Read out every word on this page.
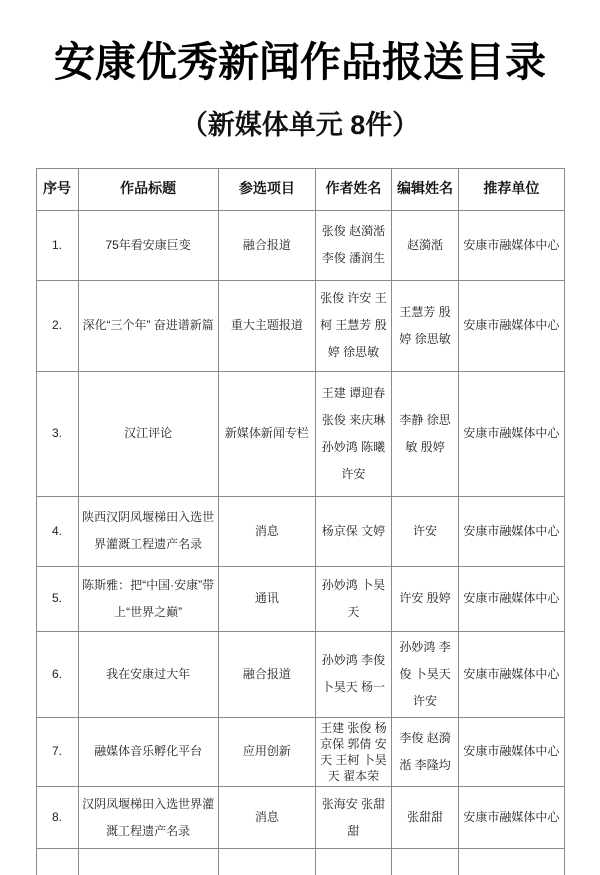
安康优秀新闻作品报送目录
（新媒体单元 8件）
序号	作品标题	参选项目	作者姓名	编辑姓名	推荐单位
1.	75年看安康巨变	融合报道	张俊 赵漪湉 李俊 潘润生	赵漪湉	安康市融媒体中心
2.	深化“三个年” 奋进谱新篇	重大主题报道	张俊 许安 王柯 王慧芳 殷婷 徐思敏	王慧芳 殷婷 徐思敏	安康市融媒体中心
3.	汉江评论	新媒体新闻专栏	王建 谭迎春 张俊 来庆琳 孙妙鸿 陈曦 许安	李静 徐思敏 殷婷	安康市融媒体中心
4.	陕西汉阴凤堰梯田入选世界灌溉工程遗产名录	消息	杨京保 文婷	许安	安康市融媒体中心
5.	陈斯雅：把“中国·安康”带上“世界之巅”	通讯	孙妙鸿 卜昊天	许安 殷婷	安康市融媒体中心
6.	我在安康过大年	融合报道	孙妙鸿 李俊 卜昊天 杨一	孙妙鸿 李俊 卜昊天 许安	安康市融媒体中心
7.	融媒体音乐孵化平台	应用创新	王建 张俊 杨京保 郭倩 安天 王柯 卜昊天 翟本荣	李俊 赵漪湉 李隆均	安康市融媒体中心
8.	汉阴凤堰梯田入选世界灌溉工程遗产名录	消息	张海安 张甜甜	张甜甜	安康市融媒体中心
